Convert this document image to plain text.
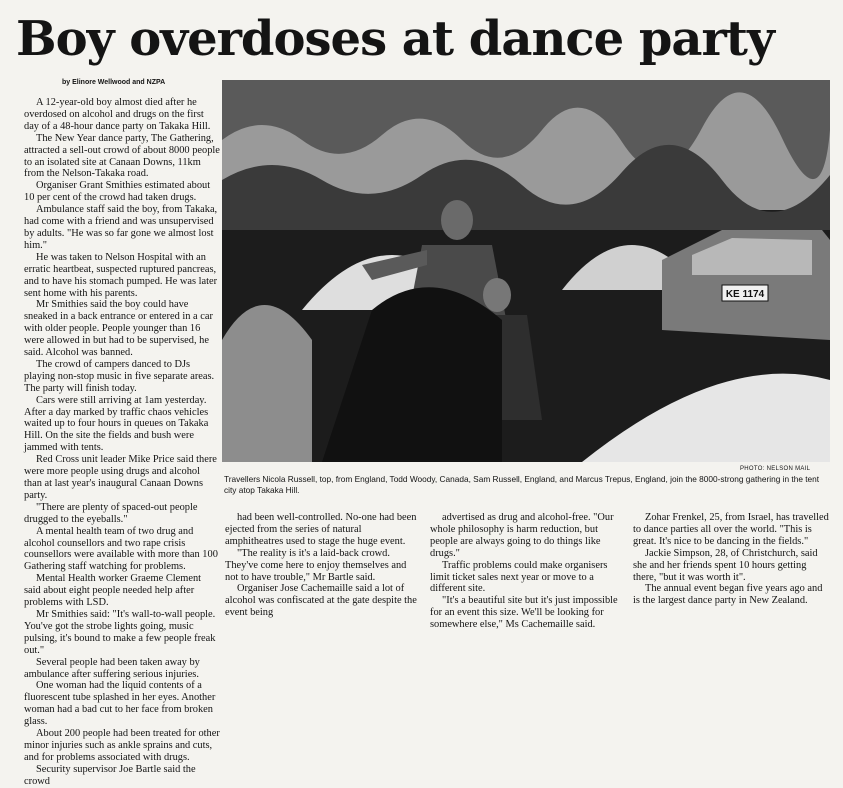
Boy overdoses at dance party
by Elinore Wellwood and NZPA

A 12-year-old boy almost died after he overdosed on alcohol and drugs on the first day of a 48-hour dance party on Takaka Hill.

The New Year dance party, The Gathering, attracted a sell-out crowd of about 8000 people to an isolated site at Canaan Downs, 11km from the Nelson-Takaka road.

Organiser Grant Smithies estimated about 10 per cent of the crowd had taken drugs.

Ambulance staff said the boy, from Takaka, had come with a friend and was unsupervised by adults. "He was so far gone we almost lost him."

He was taken to Nelson Hospital with an erratic heartbeat, suspected ruptured pancreas, and to have his stomach pumped. He was later sent home with his parents.

Mr Smithies said the boy could have sneaked in a back entrance or entered in a car with older people. People younger than 16 were allowed in but had to be supervised, he said. Alcohol was banned.

The crowd of campers danced to DJs playing non-stop music in five separate areas. The party will finish today.

Cars were still arriving at 1am yesterday. After a day marked by traffic chaos vehicles waited up to four hours in queues on Takaka Hill. On the site the fields and bush were jammed with tents.

Red Cross unit leader Mike Price said there were more people using drugs and alcohol than at last year's inaugural Canaan Downs party.

"There are plenty of spaced-out people drugged to the eyeballs."

A mental health team of two drug and alcohol counsellors and two rape crisis counsellors were available with more than 100 Gathering staff watching for problems.

Mental Health worker Graeme Clement said about eight people needed help after problems with LSD.

Mr Smithies said: "It's wall-to-wall people. You've got the strobe lights going, music pulsing, it's bound to make a few people freak out."

Several people had been taken away by ambulance after suffering serious injuries.

One woman had the liquid contents of a fluorescent tube splashed in her eyes. Another woman had a bad cut to her face from broken glass.

About 200 people had been treated for other minor injuries such as ankle sprains and cuts, and for problems associated with drugs.

Security supervisor Joe Bartle said the crowd

KE 1174
PHOTO: NELSON MAIL
Travellers Nicola Russell, top, from England, Todd Woody, Canada, Sam Russell, England, and Marcus Trepus, England, join the 8000-strong gathering in the tent city atop Takaka Hill.

had been well-controlled. No-one had been ejected from the series of natural amphitheatres used to stage the huge event.

"The reality is it's a laid-back crowd. They've come here to enjoy themselves and not to have trouble," Mr Bartle said.

Organiser Jose Cachemaille said a lot of alcohol was confiscated at the gate despite the event being

advertised as drug and alcohol-free. "Our whole philosophy is harm reduction, but people are always going to do things like drugs."

Traffic problems could make organisers limit ticket sales next year or move to a different site.

"It's a beautiful site but it's just impossible for an event this size. We'll be looking for somewhere else," Ms Cachemaille said.

Zohar Frenkel, 25, from Israel, has travelled to dance parties all over the world. "This is great. It's nice to be dancing in the fields."

Jackie Simpson, 28, of Christchurch, said she and her friends spent 10 hours getting there, "but it was worth it".

The annual event began five years ago and is the largest dance party in New Zealand.
